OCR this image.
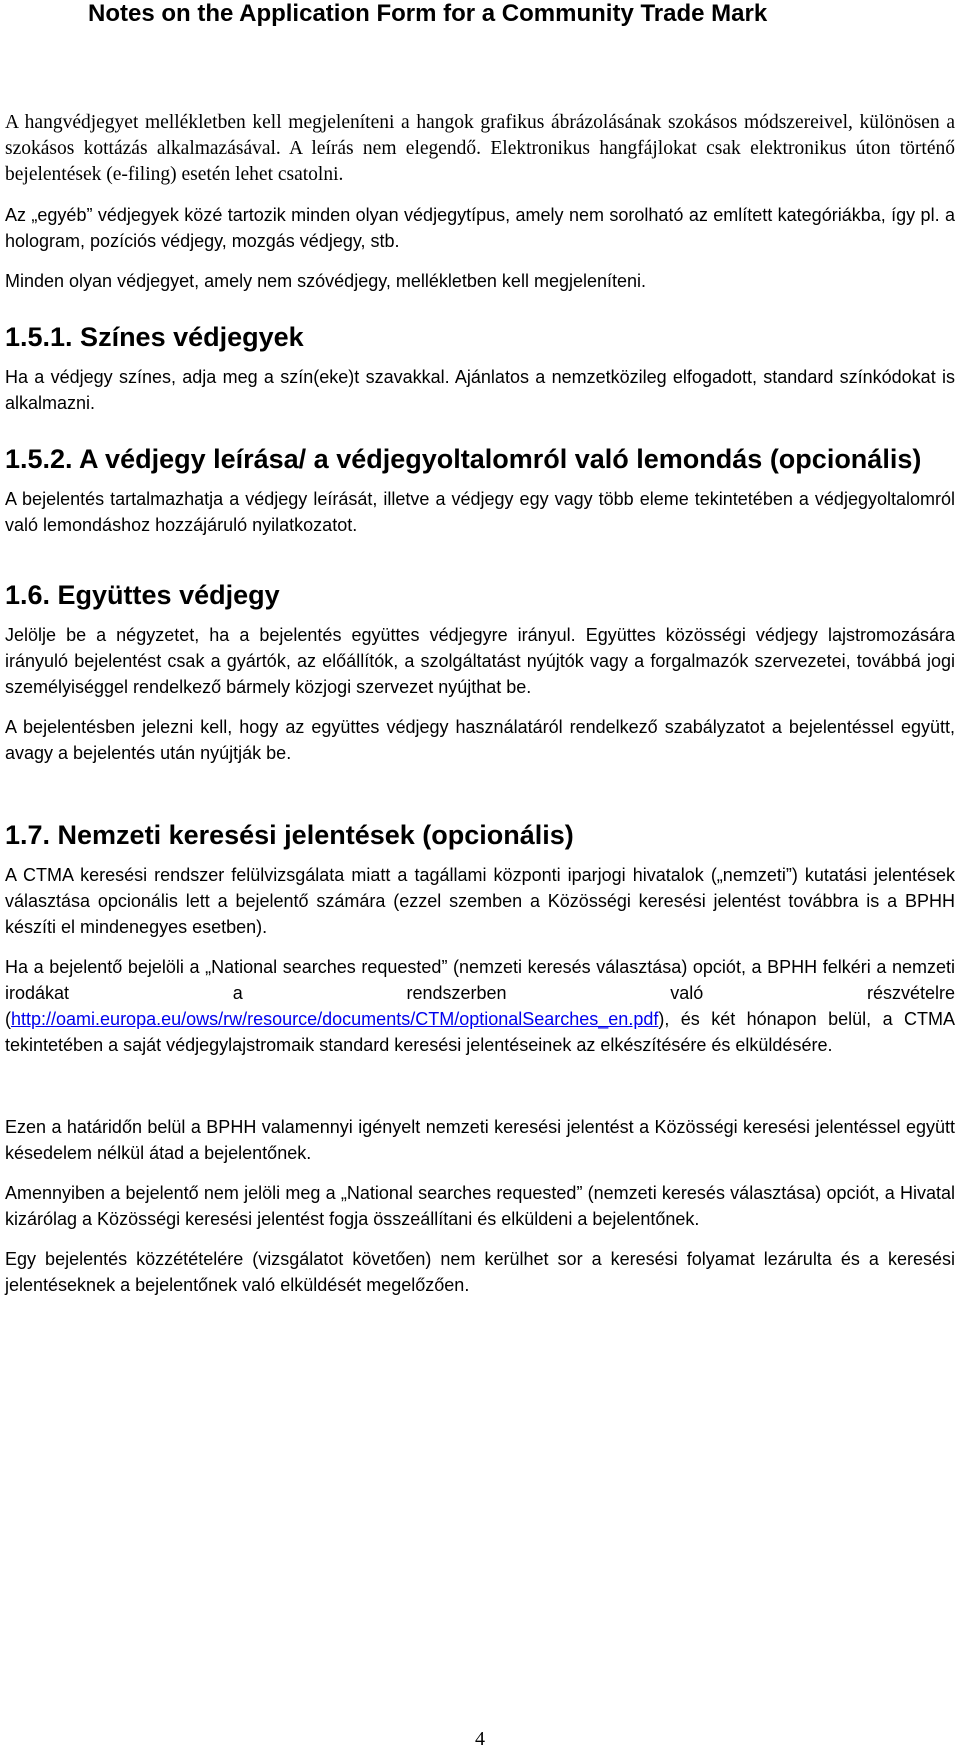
Notes on the Application Form for a Community Trade Mark

A hangvédjegyet mellékletben kell megjeleníteni a hangok grafikus ábrázolásának szokásos módszereivel, különösen a szokásos kottázás alkalmazásával. A leírás nem elegendő. Elektronikus hangfájlokat csak elektronikus úton történő bejelentések (e-filing) esetén lehet csatolni.

Az „egyéb” védjegyek közé tartozik minden olyan védjegytípus, amely nem sorolható az említett kategóriákba, így pl. a hologram, pozíciós védjegy, mozgás védjegy, stb.

Minden olyan védjegyet, amely nem szóvédjegy, mellékletben kell megjeleníteni.

1.5.1. Színes védjegyek

Ha a védjegy színes, adja meg a szín(eke)t szavakkal. Ajánlatos a nemzetközileg elfogadott, standard színkódokat is alkalmazni.

1.5.2. A védjegy leírása/ a védjegyoltalomról való lemondás (opcionális)

A bejelentés tartalmazhatja a védjegy leírását, illetve a védjegy egy vagy több eleme tekintetében a védjegyoltalomról való lemondáshoz hozzájáruló nyilatkozatot.

1.6. Együttes védjegy

Jelölje be a négyzetet, ha a bejelentés együttes védjegyre irányul. Együttes közösségi védjegy lajstromozására irányuló bejelentést csak a gyártók, az előállítók, a szolgáltatást nyújtók vagy a forgalmazók szervezetei, továbbá jogi személyiséggel rendelkező bármely közjogi szervezet nyújthat be.

A bejelentésben jelezni kell, hogy az együttes védjegy használatáról rendelkező szabályzatot a bejelentéssel együtt, avagy a bejelentés után nyújtják be.

1.7. Nemzeti keresési jelentések (opcionális)

A CTMA keresési rendszer felülvizsgálata miatt a tagállami központi iparjogi hivatalok („nemzeti”) kutatási jelentések választása opcionális lett a bejelentő számára (ezzel szemben a Közösségi keresési jelentést továbbra is a BPHH készíti el mindenegyes esetben).

Ha a bejelentő bejelöli a „National searches requested” (nemzeti keresés választása) opciót, a BPHH felkéri a nemzeti irodákat a rendszerben való részvételre (http://oami.europa.eu/ows/rw/resource/documents/CTM/optionalSearches_en.pdf), és két hónapon belül, a CTMA tekintetében a saját védjegylajstromaik standard keresési jelentéseinek az elkészítésére és elküldésére.

Ezen a határidőn belül a BPHH valamennyi igényelt nemzeti keresési jelentést a Közösségi keresési jelentéssel együtt késedelem nélkül átad a bejelentőnek.

Amennyiben a bejelentő nem jelöli meg a „National searches requested” (nemzeti keresés választása) opciót, a Hivatal kizárólag a Közösségi keresési jelentést fogja összeállítani és elküldeni a bejelentőnek.

Egy bejelentés közzétételére (vizsgálatot követően) nem kerülhet sor a keresési folyamat lezárulta és a keresési jelentéseknek a bejelentőnek való elküldését megelőzően.

4
